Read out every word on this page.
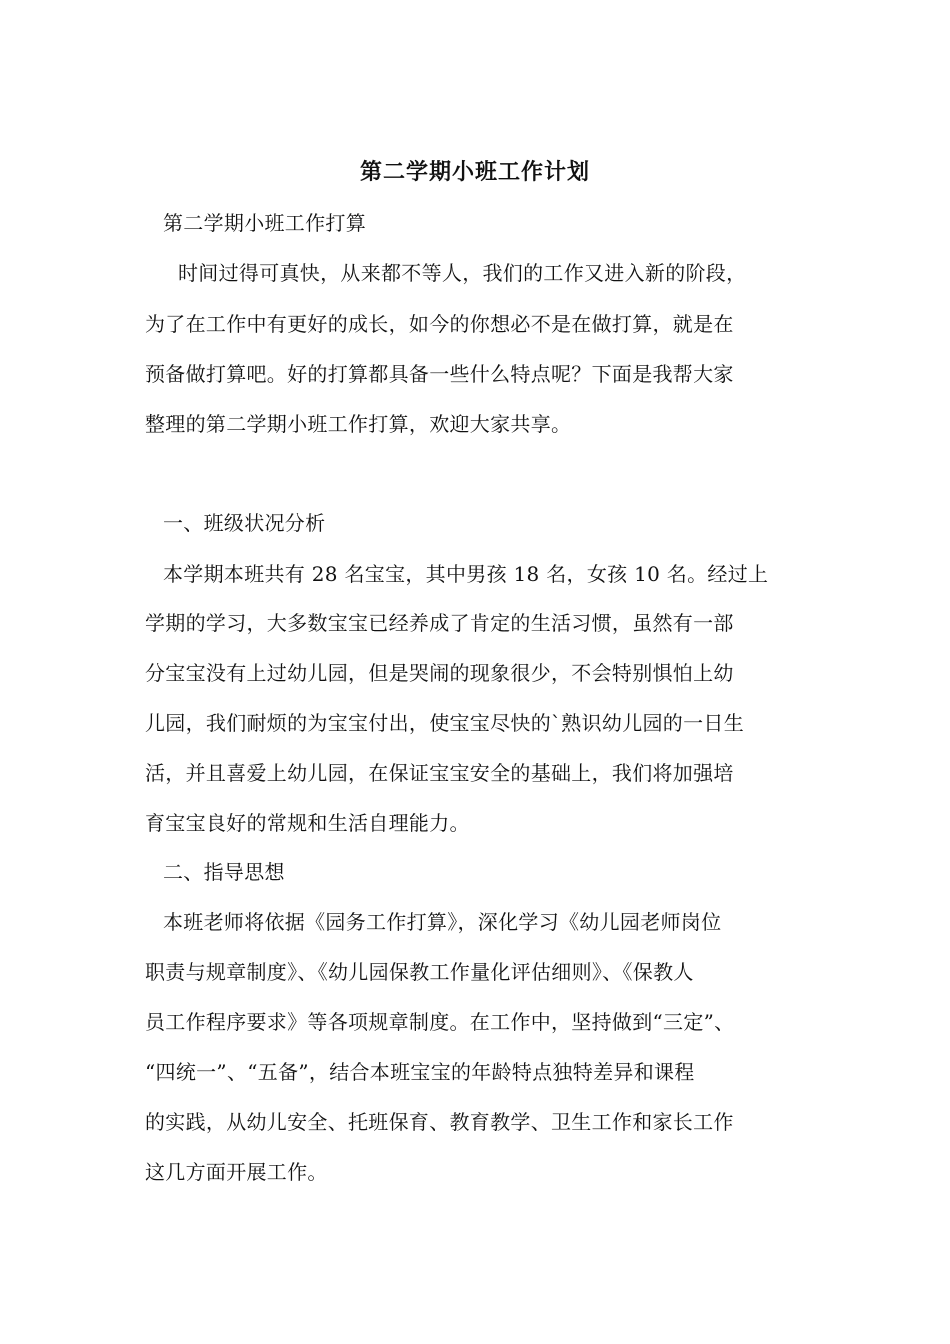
第二学期小班工作计划

第二学期小班工作打算

时间过得可真快，从来都不等人，我们的工作又进入新的阶段，

为了在工作中有更好的成长，如今的你想必不是在做打算，就是在

预备做打算吧。好的打算都具备一些什么特点呢？下面是我帮大家

整理的第二学期小班工作打算，欢迎大家共享。

一、班级状况分析

本学期本班共有 28 名宝宝，其中男孩 18 名，女孩 10 名。经过上

学期的学习，大多数宝宝已经养成了肯定的生活习惯，虽然有一部

分宝宝没有上过幼儿园，但是哭闹的现象很少，不会特别惧怕上幼

儿园，我们耐烦的为宝宝付出，使宝宝尽快的`熟识幼儿园的一日生

活，并且喜爱上幼儿园，在保证宝宝安全的基础上，我们将加强培

育宝宝良好的常规和生活自理能力。

二、指导思想

本班老师将依据《园务工作打算》，深化学习《幼儿园老师岗位

职责与规章制度》、《幼儿园保教工作量化评估细则》、《保教人

员工作程序要求》等各项规章制度。在工作中，坚持做到“三定”、

“四统一”、“五备”，结合本班宝宝的年龄特点独特差异和课程

的实践，从幼儿安全、托班保育、教育教学、卫生工作和家长工作

这几方面开展工作。
